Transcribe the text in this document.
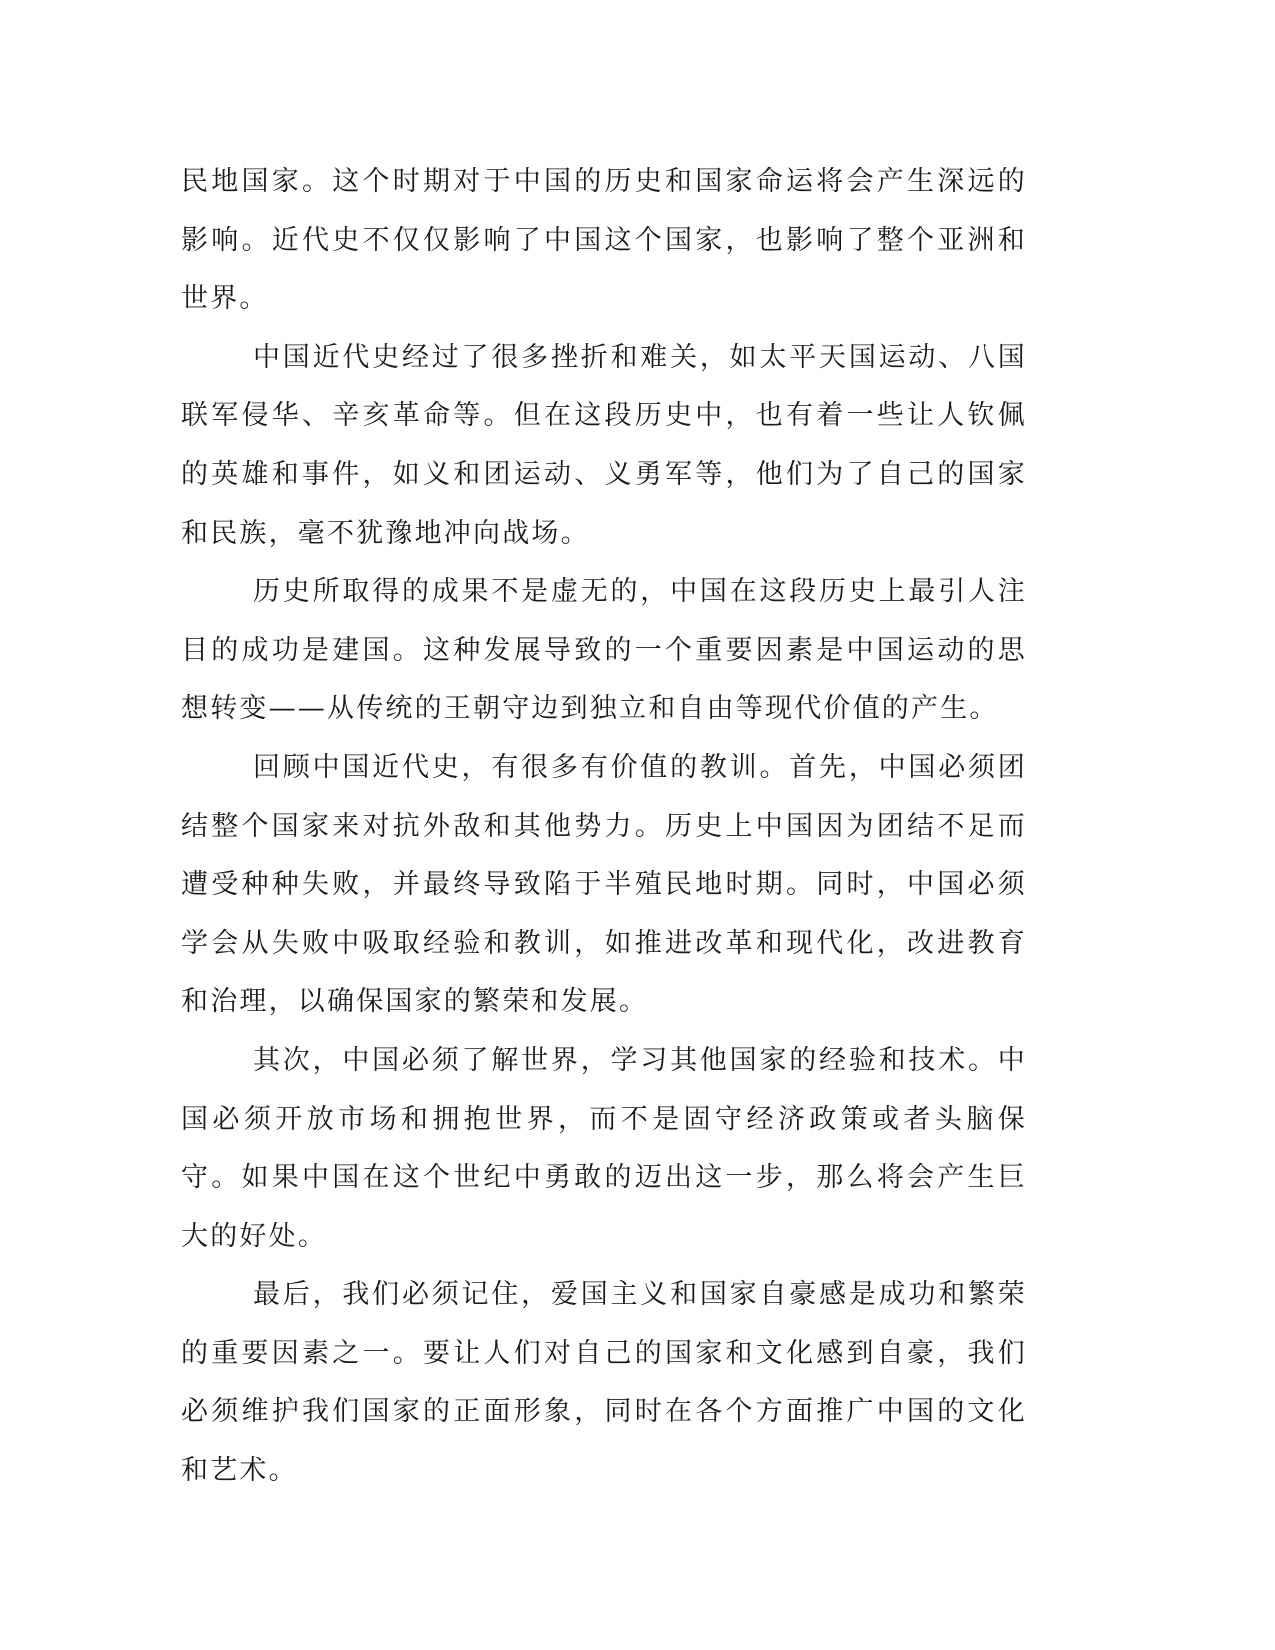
民地国家。这个时期对于中国的历史和国家命运将会产生深远的影响。近代史不仅仅影响了中国这个国家，也影响了整个亚洲和世界。

中国近代史经过了很多挫折和难关，如太平天国运动、八国联军侵华、辛亥革命等。但在这段历史中，也有着一些让人钦佩的英雄和事件，如义和团运动、义勇军等，他们为了自己的国家和民族，毫不犹豫地冲向战场。

历史所取得的成果不是虚无的，中国在这段历史上最引人注目的成功是建国。这种发展导致的一个重要因素是中国运动的思想转变——从传统的王朝守边到独立和自由等现代价值的产生。

回顾中国近代史，有很多有价值的教训。首先，中国必须团结整个国家来对抗外敌和其他势力。历史上中国因为团结不足而遭受种种失败，并最终导致陷于半殖民地时期。同时，中国必须学会从失败中吸取经验和教训，如推进改革和现代化，改进教育和治理，以确保国家的繁荣和发展。

其次，中国必须了解世界，学习其他国家的经验和技术。中国必须开放市场和拥抱世界，而不是固守经济政策或者头脑保守。如果中国在这个世纪中勇敢的迈出这一步，那么将会产生巨大的好处。

最后，我们必须记住，爱国主义和国家自豪感是成功和繁荣的重要因素之一。要让人们对自己的国家和文化感到自豪，我们必须维护我们国家的正面形象，同时在各个方面推广中国的文化和艺术。
